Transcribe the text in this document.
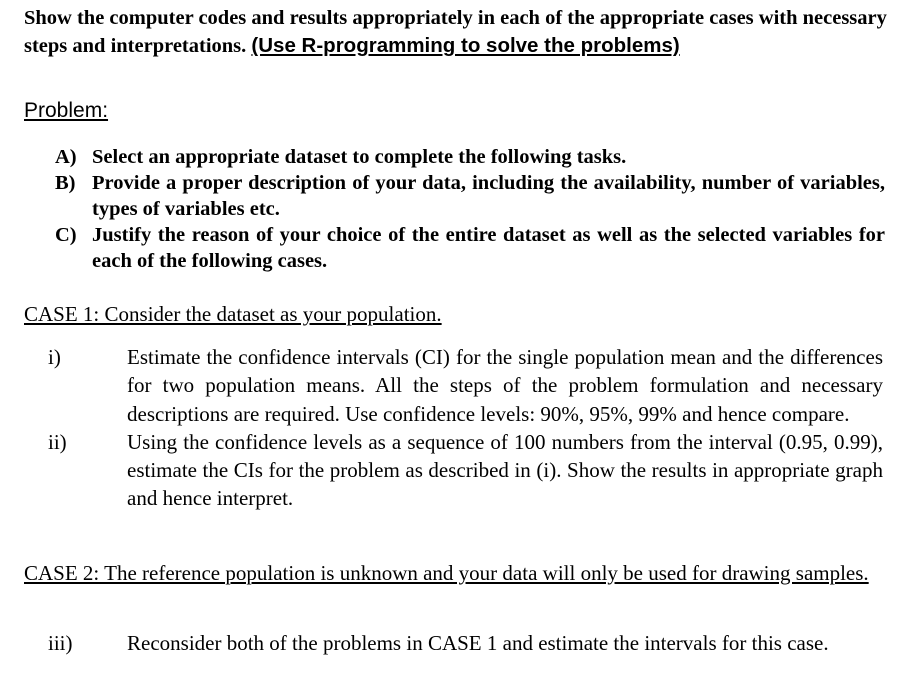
Show the computer codes and results appropriately in each of the appropriate cases with necessary steps and interpretations. (Use R-programming to solve the problems)
Problem:
A) Select an appropriate dataset to complete the following tasks.
B) Provide a proper description of your data, including the availability, number of variables, types of variables etc.
C) Justify the reason of your choice of the entire dataset as well as the selected variables for each of the following cases.
CASE 1: Consider the dataset as your population.
i)	Estimate the confidence intervals (CI) for the single population mean and the differences for two population means. All the steps of the problem formulation and necessary descriptions are required. Use confidence levels: 90%, 95%, 99% and hence compare.
ii)	Using the confidence levels as a sequence of 100 numbers from the interval (0.95, 0.99), estimate the CIs for the problem as described in (i). Show the results in appropriate graph and hence interpret.
CASE 2: The reference population is unknown and your data will only be used for drawing samples.
iii)	Reconsider both of the problems in CASE 1 and estimate the intervals for this case.
